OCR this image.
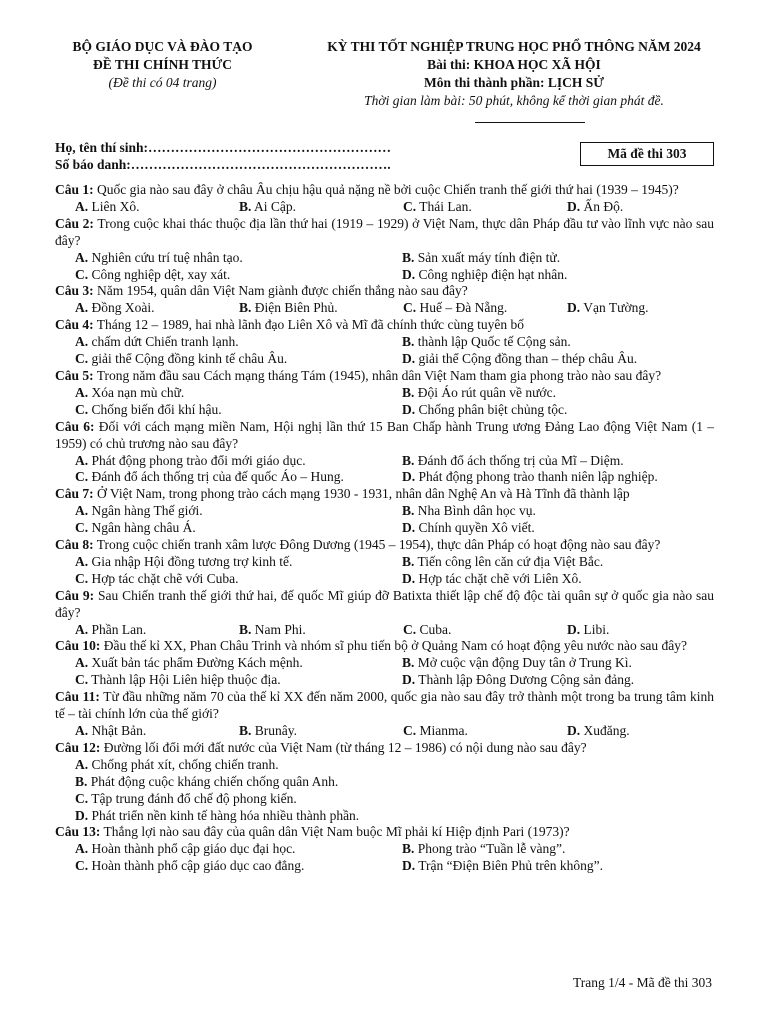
BỘ GIÁO DỤC VÀ ĐÀO TẠO
ĐỀ THI CHÍNH THỨC
(Đề thi có 04 trang)
KỲ THI TỐT NGHIỆP TRUNG HỌC PHỔ THÔNG NĂM 2024
Bài thi: KHOA HỌC XÃ HỘI
Môn thi thành phần: LỊCH SỬ
Thời gian làm bài: 50 phút, không kể thời gian phát đề.
Họ, tên thí sinh:………………………………………………
Số báo danh:………………………………………………….
Mã đề thi 303
Câu 1: Quốc gia nào sau đây ở châu Âu chịu hậu quả nặng nề bởi cuộc Chiến tranh thế giới thứ hai (1939 – 1945)?
A. Liên Xô.	B. Ai Cập.	C. Thái Lan.	D. Ấn Độ.
Câu 2: Trong cuộc khai thác thuộc địa lần thứ hai (1919 – 1929) ở Việt Nam, thực dân Pháp đầu tư vào lĩnh vực nào sau đây?
A. Nghiên cứu trí tuệ nhân tạo.	B. Sản xuất máy tính điện tử.
C. Công nghiệp dệt, xay xát.	D. Công nghiệp điện hạt nhân.
Câu 3: Năm 1954, quân dân Việt Nam giành được chiến thắng nào sau đây?
A. Đồng Xoài.	B. Điện Biên Phủ.	C. Huế – Đà Nẵng.	D. Vạn Tường.
Câu 4: Tháng 12 – 1989, hai nhà lãnh đạo Liên Xô và Mĩ đã chính thức cùng tuyên bố
A. chấm dứt Chiến tranh lạnh.	B. thành lập Quốc tế Cộng sản.
C. giải thể Cộng đồng kinh tế châu Âu.	D. giải thể Cộng đồng than – thép châu Âu.
Câu 5: Trong năm đầu sau Cách mạng tháng Tám (1945), nhân dân Việt Nam tham gia phong trào nào sau đây?
A. Xóa nạn mù chữ.	B. Đội Áo rút quân về nước.
C. Chống biến đổi khí hậu.	D. Chống phân biệt chủng tộc.
Câu 6: Đối với cách mạng miền Nam, Hội nghị lần thứ 15 Ban Chấp hành Trung ương Đảng Lao động Việt Nam (1 – 1959) có chủ trương nào sau đây?
A. Phát động phong trào đổi mới giáo dục.	B. Đánh đổ ách thống trị của Mĩ – Diệm.
C. Đánh đổ ách thống trị của đế quốc Áo – Hung.	D. Phát động phong trào thanh niên lập nghiệp.
Câu 7: Ở Việt Nam, trong phong trào cách mạng 1930 - 1931, nhân dân Nghệ An và Hà Tĩnh đã thành lập
A. Ngân hàng Thế giới.	B. Nha Bình dân học vụ.
C. Ngân hàng châu Á.	D. Chính quyền Xô viết.
Câu 8: Trong cuộc chiến tranh xâm lược Đông Dương (1945 – 1954), thực dân Pháp có hoạt động nào sau đây?
A. Gia nhập Hội đồng tương trợ kinh tế.	B. Tiến công lên căn cứ địa Việt Bắc.
C. Hợp tác chặt chẽ với Cuba.	D. Hợp tác chặt chẽ với Liên Xô.
Câu 9: Sau Chiến tranh thế giới thứ hai, đế quốc Mĩ giúp đỡ Batixta thiết lập chế độ độc tài quân sự ở quốc gia nào sau đây?
A. Phần Lan.	B. Nam Phi.	C. Cuba.	D. Libi.
Câu 10: Đầu thế kỉ XX, Phan Châu Trinh và nhóm sĩ phu tiến bộ ở Quảng Nam có hoạt động yêu nước nào sau đây?
A. Xuất bản tác phẩm Đường Kách mệnh.	B. Mở cuộc vận động Duy tân ở Trung Kì.
C. Thành lập Hội Liên hiệp thuộc địa.	D. Thành lập Đông Dương Cộng sản đảng.
Câu 11: Từ đầu những năm 70 của thế kỉ XX đến năm 2000, quốc gia nào sau đây trở thành một trong ba trung tâm kinh tế – tài chính lớn của thế giới?
A. Nhật Bản.	B. Brunây.	C. Mianma.	D. Xuđăng.
Câu 12: Đường lối đổi mới đất nước của Việt Nam (từ tháng 12 – 1986) có nội dung nào sau đây?
A. Chống phát xít, chống chiến tranh.
B. Phát động cuộc kháng chiến chống quân Anh.
C. Tập trung đánh đổ chế độ phong kiến.
D. Phát triển nền kinh tế hàng hóa nhiều thành phần.
Câu 13: Thắng lợi nào sau đây của quân dân Việt Nam buộc Mĩ phải kí Hiệp định Pari (1973)?
A. Hoàn thành phổ cập giáo dục đại học.	B. Phong trào “Tuần lễ vàng”.
C. Hoàn thành phổ cập giáo dục cao đẳng.	D. Trận “Điện Biên Phủ trên không”.
Trang 1/4 - Mã đề thi 303
